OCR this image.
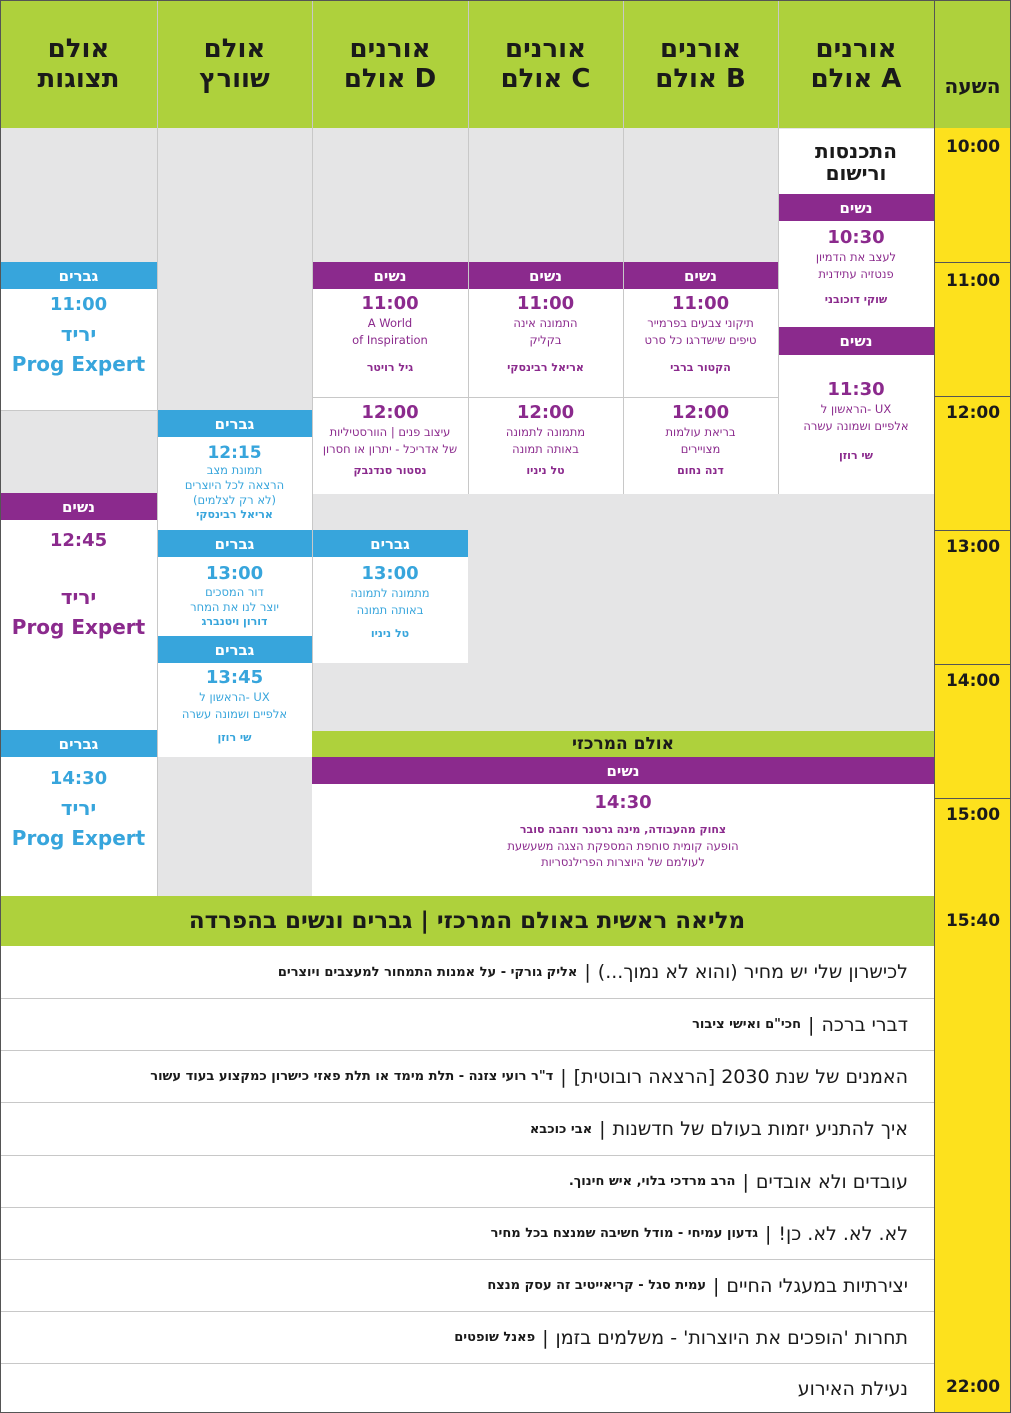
השעה
אורנים
אולם A
אורנים
אולם B
אורנים
אולם C
אורנים
אולם D
אולם
שוורץ
אולם
תצוגות
10:00
11:00
12:00
13:00
14:00
15:00
15:40
22:00
התכנסות
ורישום
נשים
10:30
לעצב את הדמיון
פנטזיה עתידנית
שוקי דוכובני
נשים
11:30
הראשון ל- UX
אלפיים ושמונה עשרה
שי רוזן
נשים
11:00
תיקוני צבעים בפרמייר
טיפים שישדרגו כל סרט
הקטור ברבי
12:00
בריאת עולמות
מצויירים
דנה נחום
נשים
11:00
התמונה אינה
בקליק
אריאל רבינסקי
12:00
מתמונה לתמונה
באותה תמונה
טל ניניו
נשים
11:00
A World
of Inspiration
גיל רויטר
12:00
עיצוב פנים | הוורסטיליות
של אדריכל - יתרון או חסרון
נסטור סנדנבק
גברים
13:00
מתמונה לתמונה
באותה תמונה
טל ניניו
גברים
12:15
תמונת מצב
הרצאה לכל היוצרים
(לא רק לצלמים)
אריאל רבינסקי
גברים
13:00
דור המסכים
יוצר לנו את המחר
דורון ויטנברג
גברים
13:45
הראשון ל- UX
אלפיים ושמונה עשרה
שי רוזן
גברים
11:00
יריד
Prog Expert
נשים
12:45
יריד
Prog Expert
גברים
14:30
יריד
Prog Expert
אולם המרכזי
נשים
14:30
צחוק מהעבודה, מינה גרטנר וזהבה סובר
הופעה קומית סוחפת המספקת הצגה משעשעת
לעולמם של היוצרות הפרילנסריות
מליאה ראשית באולם המרכזי | גברים ונשים בהפרדה
לכישרון שלי יש מחיר (והוא לא נמוך...)
|
אליק גורקי - על אמנות התמחור למעצבים ויוצרים
דברי ברכה
|
חכי"ם ואישי ציבור
האמנים של שנת 2030 [הרצאה רובוטית]
|
ד"ר רועי צזנה - תלת מימד או תלת פאזי כישרון כמקצוע בעוד עשור
איך להתניע יזמות בעולם של חדשנות
|
אבי כוכבא
עובדים ולא אובדים
|
הרב מרדכי בלוי, איש חינוך.
לא. לא. לא. כן!
|
גדעון עמיחי - מודל חשיבה שמנצח בכל מחיר
יצירתיות במעגלי החיים
|
עמית סגל - קריאייטיב זה עסק מנצח
תחרות 'הופכים את היוצרות' - משלמים בזמן
|
פאנל שופטים
נעילת האירוע
